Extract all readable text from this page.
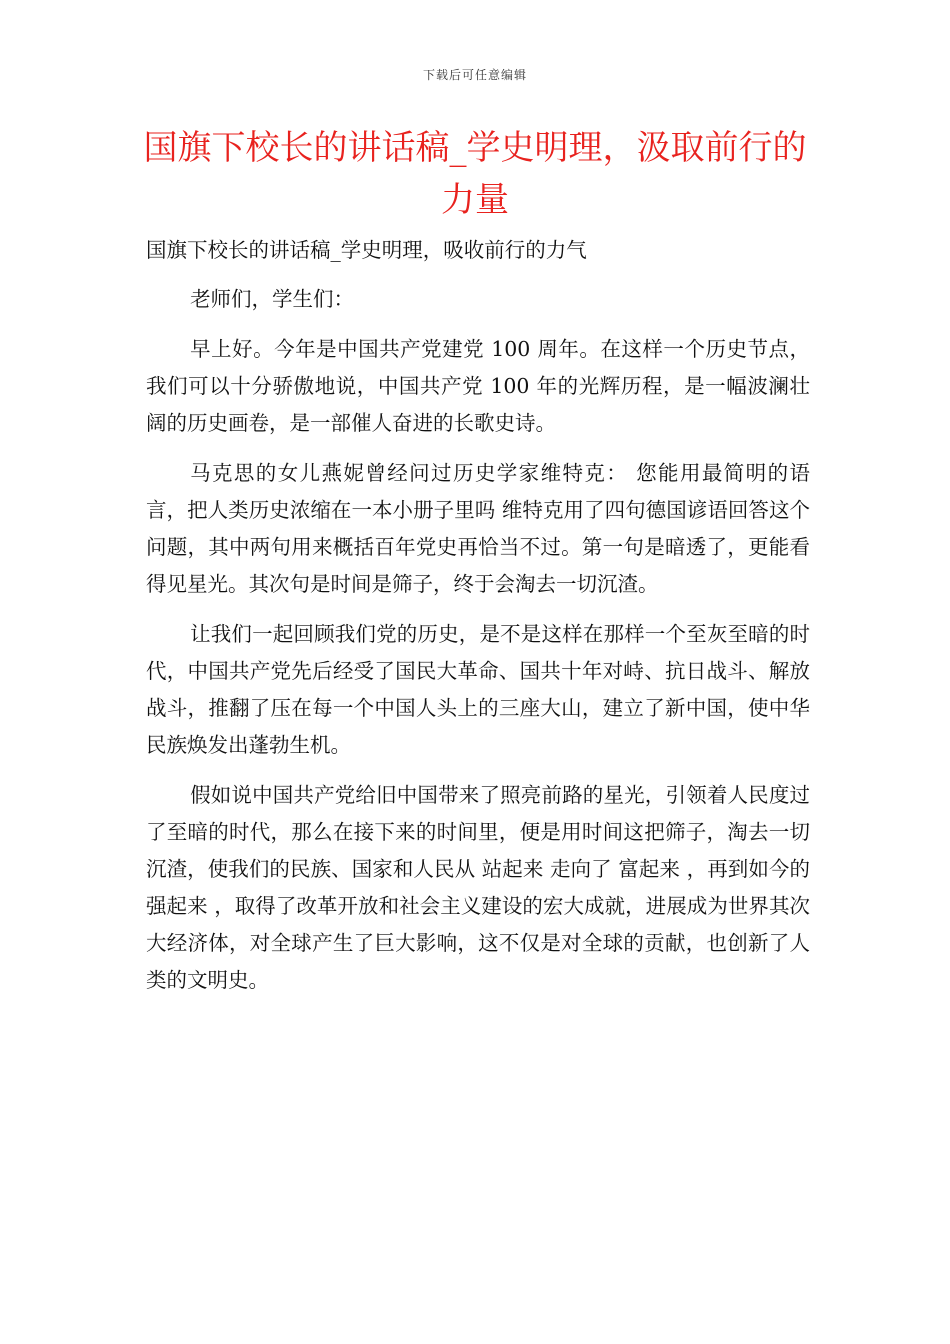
下载后可任意编辑
国旗下校长的讲话稿_学史明理，汲取前行的力量

国旗下校长的讲话稿_学史明理，吸收前行的力气

老师们，学生们：

早上好。今年是中国共产党建党 100 周年。在这样一个历史节点，我们可以十分骄傲地说，中国共产党 100 年的光辉历程，是一幅波澜壮阔的历史画卷，是一部催人奋进的长歌史诗。

马克思的女儿燕妮曾经问过历史学家维特克： 您能用最简明的语言，把人类历史浓缩在一本小册子里吗 维特克用了四句德国谚语回答这个问题，其中两句用来概括百年党史再恰当不过。第一句是暗透了，更能看得见星光。其次句是时间是筛子，终于会淘去一切沉渣。

让我们一起回顾我们党的历史，是不是这样在那样一个至灰至暗的时代，中国共产党先后经受了国民大革命、国共十年对峙、抗日战斗、解放战斗，推翻了压在每一个中国人头上的三座大山，建立了新中国，使中华民族焕发出蓬勃生机。

假如说中国共产党给旧中国带来了照亮前路的星光，引领着人民度过了至暗的时代，那么在接下来的时间里，便是用时间这把筛子，淘去一切沉渣，使我们的民族、国家和人民从 站起来 走向了 富起来 ，再到如今的 强起来 ，取得了改革开放和社会主义建设的宏大成就，进展成为世界其次大经济体，对全球产生了巨大影响，这不仅是对全球的贡献，也创新了人类的文明史。
